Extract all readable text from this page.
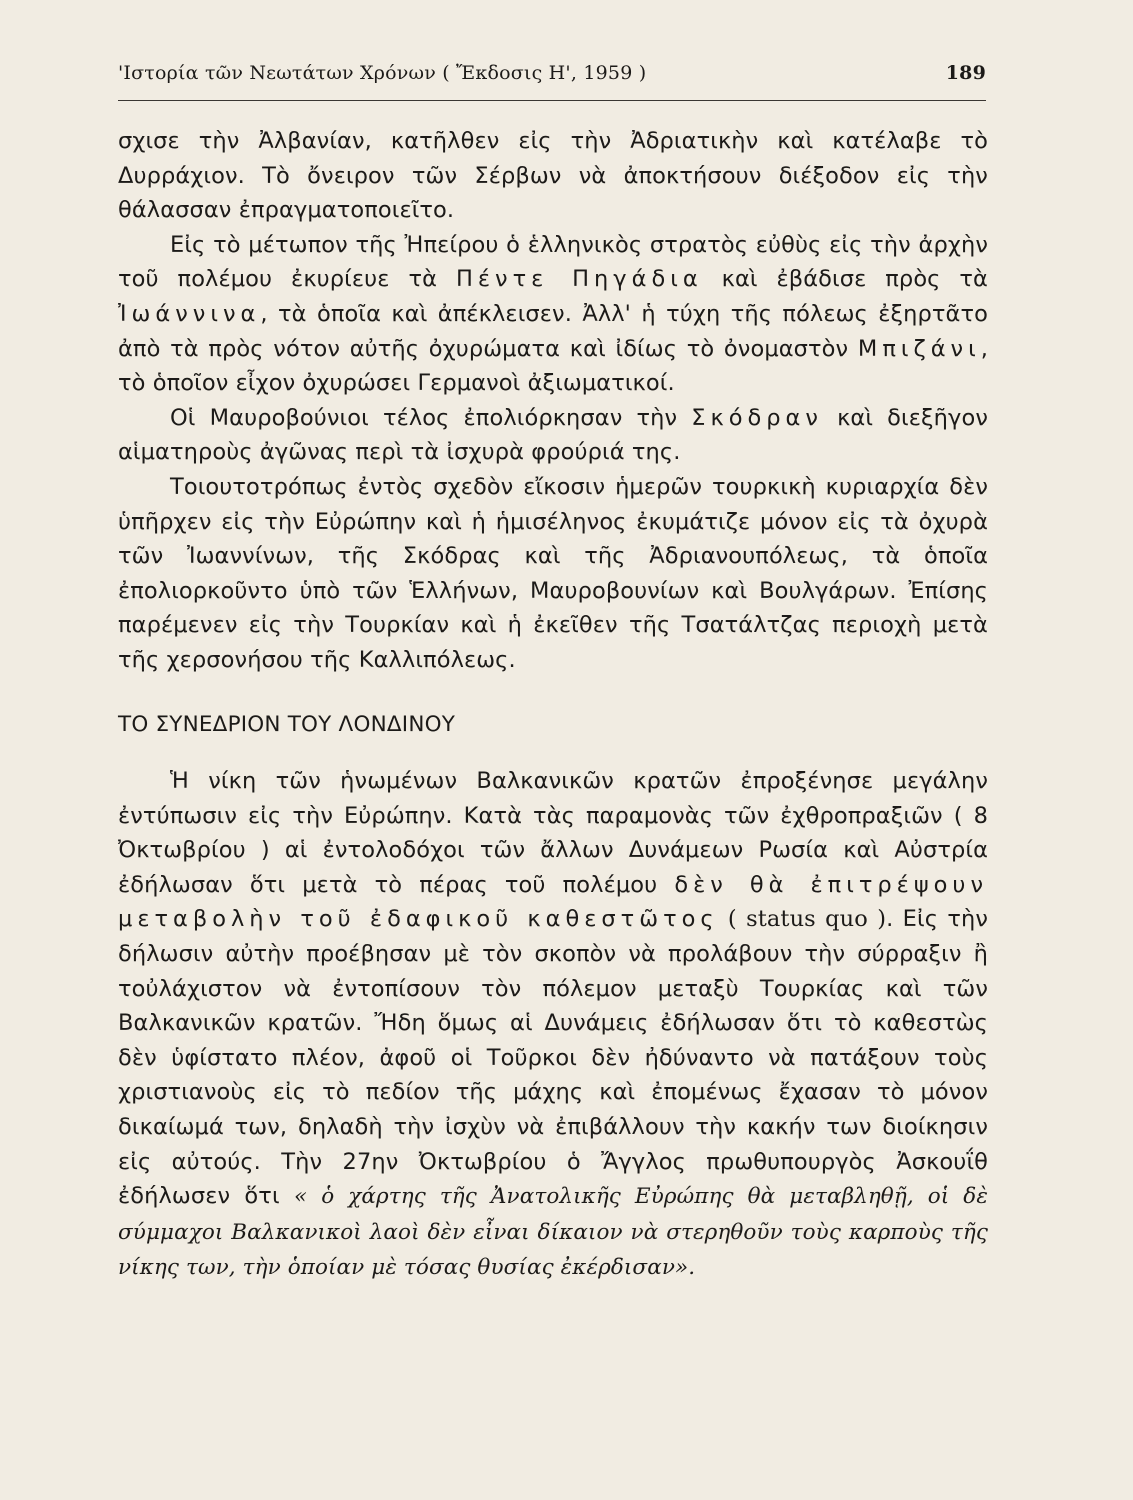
'Ιστορία τῶν Νεωτάτων Χρόνων ( Ἔκδοσις Η', 1959 )	189

σχισε τὴν Ἀλβανίαν, κατῆλθεν εἰς τὴν Ἀδριατικὴν καὶ κατέλαβε τὸ Δυρράχιον. Τὸ ὄνειρον τῶν Σέρβων νὰ ἀποκτήσουν διέξοδον εἰς τὴν θάλασσαν ἐπραγματοποιεῖτο.

Εἰς τὸ μέτωπον τῆς Ἠπείρου ὁ ἑλληνικὸς στρατὸς εὐθὺς εἰς τὴν ἀρχὴν τοῦ πολέμου ἐκυρίευε τὰ Πέντε Πηγάδια καὶ ἐβάδισε πρὸς τὰ Ἰωάννινα, τὰ ὁποῖα καὶ ἀπέκλεισεν. Ἀλλ' ἡ τύχη τῆς πόλεως ἐξηρτᾶτο ἀπὸ τὰ πρὸς νότον αὐτῆς ὀχυρώματα καὶ ἰδίως τὸ ὀνομαστὸν Μπιζάνι, τὸ ὁποῖον εἶχον ὀχυρώσει Γερμανοὶ ἀξιωματικοί.

Οἱ Μαυροβούνιοι τέλος ἐπολιόρκησαν τὴν Σκόδραν καὶ διεξῆγον αἱματηροὺς ἀγῶνας περὶ τὰ ἰσχυρὰ φρούριά της.

Τοιουτοτρόπως ἐντὸς σχεδὸν εἴκοσιν ἡμερῶν τουρκικὴ κυριαρχία δὲν ὑπῆρχεν εἰς τὴν Εὐρώπην καὶ ἡ ἡμισέληνος ἐκυμάτιζε μόνον εἰς τὰ ὀχυρὰ τῶν Ἰωαννίνων, τῆς Σκόδρας καὶ τῆς Ἀδριανουπόλεως, τὰ ὁποῖα ἐπολιορκοῦντο ὑπὸ τῶν Ἑλλήνων, Μαυροβουνίων καὶ Βουλγάρων. Ἐπίσης παρέμενεν εἰς τὴν Τουρκίαν καὶ ἡ ἐκεῖθεν τῆς Τσατάλτζας περιοχὴ μετὰ τῆς χερσονήσου τῆς Καλλιπόλεως.

ΤΟ ΣΥΝΕΔΡΙΟΝ ΤΟΥ ΛΟΝΔΙΝΟΥ

Ἡ νίκη τῶν ἡνωμένων Βαλκανικῶν κρατῶν ἐπροξένησε μεγάλην ἐντύπωσιν εἰς τὴν Εὐρώπην. Κατὰ τὰς παραμονὰς τῶν ἐχθροπραξιῶν ( 8 Ὀκτωβρίου ) αἱ ἐντολοδόχοι τῶν ἄλλων Δυνάμεων Ρωσία καὶ Αὐστρία ἐδήλωσαν ὅτι μετὰ τὸ πέρας τοῦ πολέμου δὲν θὰ ἐπιτρέψουν μεταβολὴν τοῦ ἐδαφικοῦ καθεστῶτος ( status quo ). Εἰς τὴν δήλωσιν αὐτὴν προέβησαν μὲ τὸν σκοπὸν νὰ προλάβουν τὴν σύρραξιν ἢ τοὐλάχιστον νὰ ἐντοπίσουν τὸν πόλεμον μεταξὺ Τουρκίας καὶ τῶν Βαλκανικῶν κρατῶν. Ἤδη ὅμως αἱ Δυνάμεις ἐδήλωσαν ὅτι τὸ καθεστὼς δὲν ὑφίστατο πλέον, ἀφοῦ οἱ Τοῦρκοι δὲν ἠδύναντο νὰ πατάξουν τοὺς χριστιανοὺς εἰς τὸ πεδίον τῆς μάχης καὶ ἐπομένως ἔχασαν τὸ μόνον δικαίωμά των, δηλαδὴ τὴν ἰσχὺν νὰ ἐπιβάλλουν τὴν κακήν των διοίκησιν εἰς αὐτούς. Τὴν 27ην Ὀκτωβρίου ὁ Ἄγγλος πρωθυπουργὸς Ἀσκουΐθ ἐδήλωσεν ὅτι « ὁ χάρτης τῆς Ἀνατολικῆς Εὐρώπης θὰ μεταβληθῇ, οἱ δὲ σύμμαχοι Βαλκανικοὶ λαοὶ δὲν εἶναι δίκαιον νὰ στερηθοῦν τοὺς καρποὺς τῆς νίκης των, τὴν ὁποίαν μὲ τόσας θυσίας ἐκέρδισαν».
